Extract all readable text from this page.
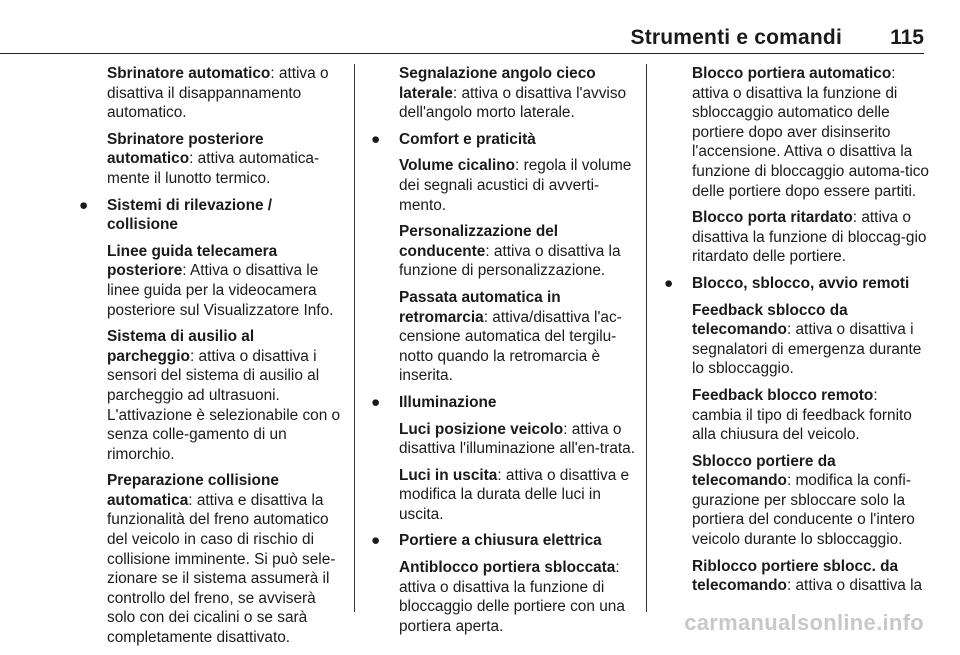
Strumenti e comandi 115

Sbrinatore automatico: attiva o disattiva il disappannamento automatico.

Sbrinatore posteriore automatico: attiva automatica-mente il lunotto termico.

● Sistemi di rilevazione / collisione

Linee guida telecamera posteriore: Attiva o disattiva le linee guida per la videocamera posteriore sul Visualizzatore Info.

Sistema di ausilio al parcheggio: attiva o disattiva i sensori del sistema di ausilio al parcheggio ad ultrasuoni. L'attivazione è selezionabile con o senza colle-gamento di un rimorchio.

Preparazione collisione automatica: attiva e disattiva la funzionalità del freno automatico del veicolo in caso di rischio di collisione imminente. Si può sele-zionare se il sistema assumerà il controllo del freno, se avviserà solo con dei cicalini o se sarà completamente disattivato.

Segnalazione angolo cieco laterale: attiva o disattiva l'avviso dell'angolo morto laterale.

● Comfort e praticità

Volume cicalino: regola il volume dei segnali acustici di avverti-mento.

Personalizzazione del conducente: attiva o disattiva la funzione di personalizzazione.

Passata automatica in retromarcia: attiva/disattiva l'ac-censione automatica del tergilu-notto quando la retromarcia è inserita.

● Illuminazione

Luci posizione veicolo: attiva o disattiva l'illuminazione all'en-trata.

Luci in uscita: attiva o disattiva e modifica la durata delle luci in uscita.

● Portiere a chiusura elettrica

Antiblocco portiera sbloccata: attiva o disattiva la funzione di bloccaggio delle portiere con una portiera aperta.

Blocco portiera automatico: attiva o disattiva la funzione di sbloccaggio automatico delle portiere dopo aver disinserito l'accensione. Attiva o disattiva la funzione di bloccaggio automa-tico delle portiere dopo essere partiti.

Blocco porta ritardato: attiva o disattiva la funzione di bloccag-gio ritardato delle portiere.

● Blocco, sblocco, avvio remoti

Feedback sblocco da telecomando: attiva o disattiva i segnalatori di emergenza durante lo sbloccaggio.

Feedback blocco remoto: cambia il tipo di feedback fornito alla chiusura del veicolo.

Sblocco portiere da telecomando: modifica la confi-gurazione per sbloccare solo la portiera del conducente o l'intero veicolo durante lo sbloccaggio.

Riblocco portiere sblocc. da telecomando: attiva o disattiva la

carmanualsonline.info
